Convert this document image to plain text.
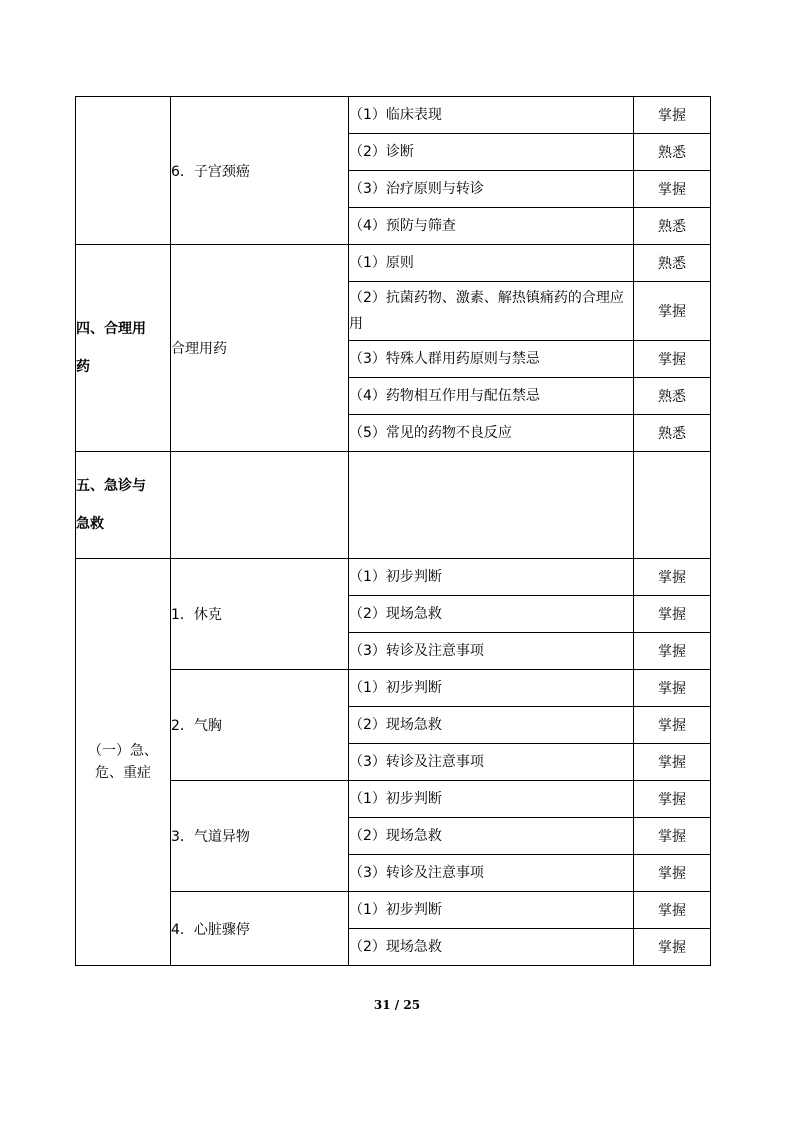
	6．子宫颈癌	（1）临床表现	掌握
		（2）诊断	熟悉
		（3）治疗原则与转诊	掌握
		（4）预防与筛查	熟悉

四、合理用
药	合理用药	（1）原则	熟悉
		（2）抗菌药物、激素、解热镇痛药的合理应用	掌握
		（3）特殊人群用药原则与禁忌	掌握
		（4）药物相互作用与配伍禁忌	熟悉
		（5）常见的药物不良反应	熟悉

五、急诊与
急救			

（一）急、危、重症	1．休克	（1）初步判断	掌握
		（2）现场急救	掌握
		（3）转诊及注意事项	掌握
	2．气胸	（1）初步判断	掌握
		（2）现场急救	掌握
		（3）转诊及注意事项	掌握
	3．气道异物	（1）初步判断	掌握
		（2）现场急救	掌握
		（3）转诊及注意事项	掌握
	4．心脏骤停	（1）初步判断	掌握
		（2）现场急救	掌握
31 / 25
